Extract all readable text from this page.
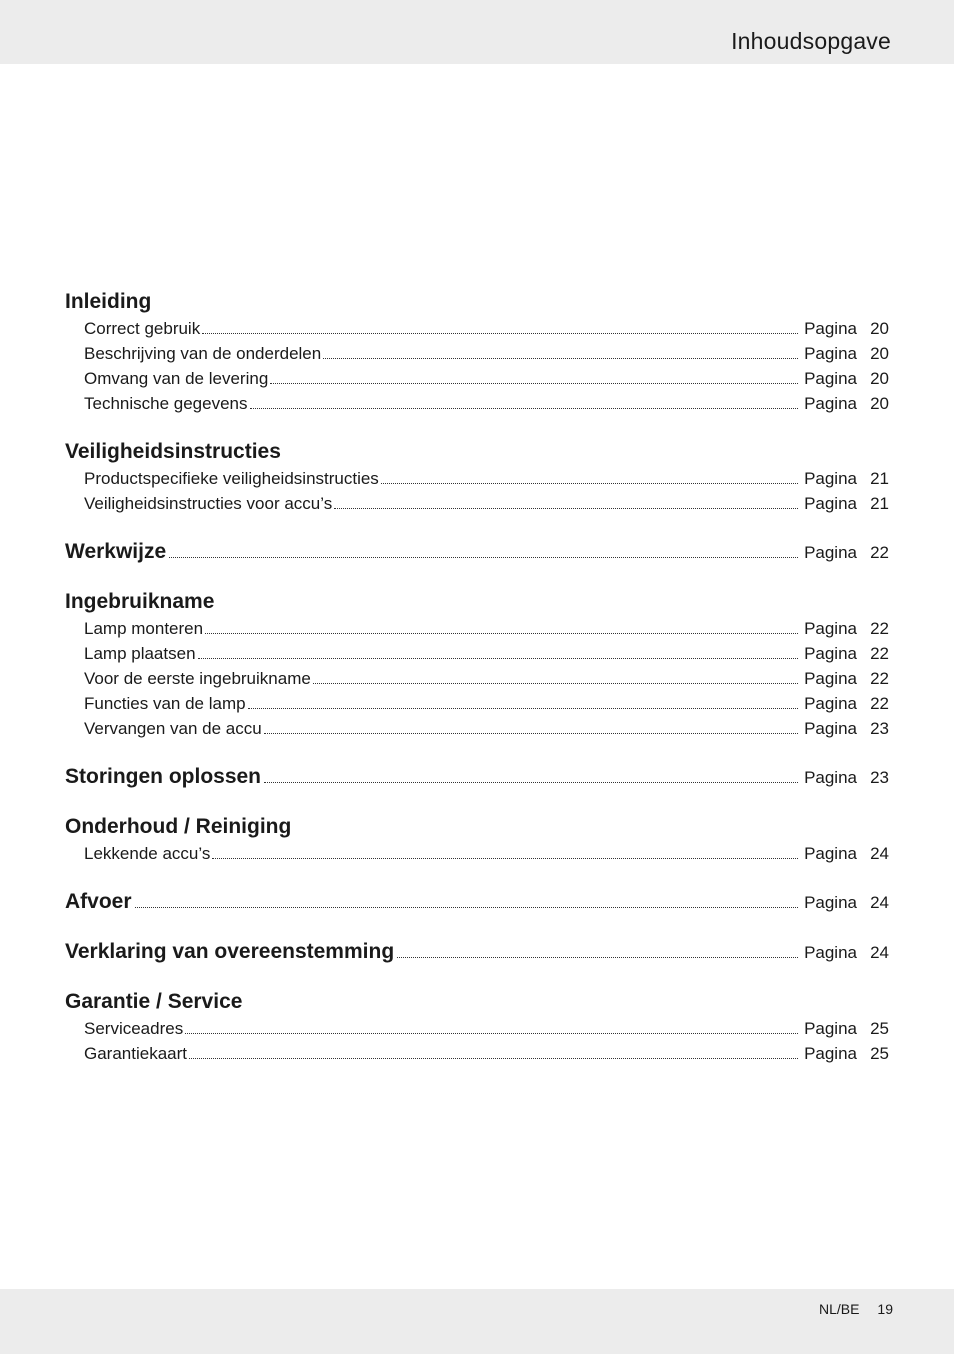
Inhoudsopgave
Inleiding
Correct gebruik	Pagina 20
Beschrijving van de onderdelen	Pagina 20
Omvang van de levering	Pagina 20
Technische gegevens	Pagina 20
Veiligheidsinstructies
Productspecifieke veiligheidsinstructies	Pagina 21
Veiligheidsinstructies voor accu’s	Pagina 21
Werkwijze	Pagina 22
Ingebruikname
Lamp monteren	Pagina 22
Lamp plaatsen	Pagina 22
Voor de eerste ingebruikname	Pagina 22
Functies van de lamp	Pagina 22
Vervangen van de accu	Pagina 23
Storingen oplossen	Pagina 23
Onderhoud / Reiniging
Lekkende accu’s	Pagina 24
Afvoer	Pagina 24
Verklaring van overeenstemming	Pagina 24
Garantie / Service
Serviceadres	Pagina 25
Garantiekaart	Pagina 25
NL/BE 19
